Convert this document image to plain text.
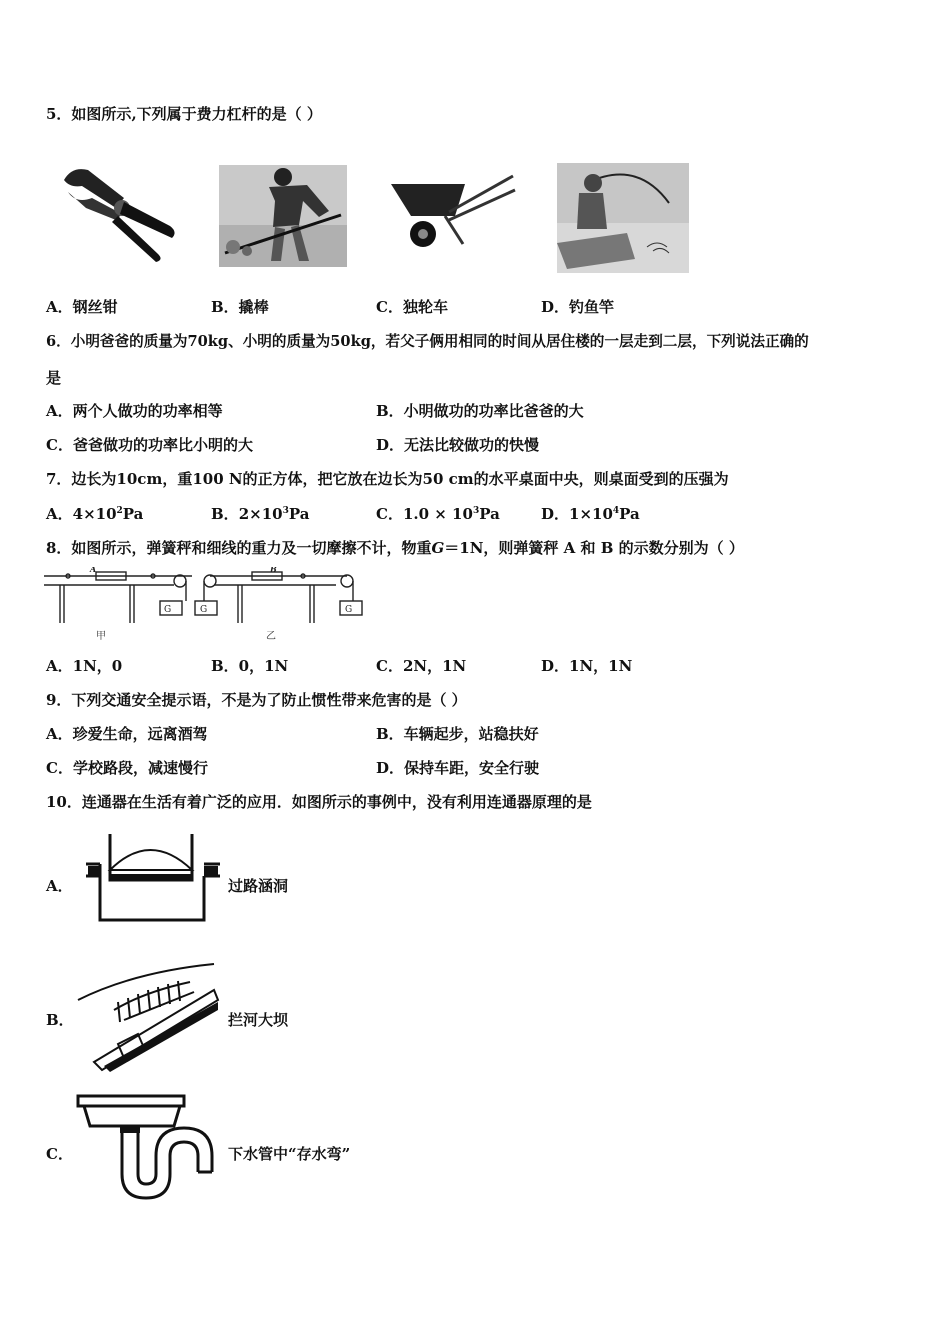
5．如图所示,下列属于费力杠杆的是（ ）
A．钢丝钳	B．撬棒	C．独轮车	D．钓鱼竿
6．小明爸爸的质量为70kg、小明的质量为50kg，若父子俩用相同的时间从居住楼的一层走到二层，下列说法正确的
是
A．两个人做功的功率相等	B．小明做功的功率比爸爸的大
C．爸爸做功的功率比小明的大	D．无法比较做功的快慢
7．边长为10cm，重100 N的正方体，把它放在边长为50 cm的水平桌面中央，则桌面受到的压强为
A．$4\times 10^2Pa$	B．$2\times 10^3Pa$	C．$1.0 \times 10^3Pa$	D．$1\times 10^4Pa$
8．如图所示，弹簧秤和细线的重力及一切摩擦不计，物重G＝1N，则弹簧秤 A 和 B 的示数分别为（ ）
A
G
甲
B
G	G
乙
A．1N，0	B．0，1N	C．2N，1N	D．1N，1N
9．下列交通安全提示语，不是为了防止惯性带来危害的是（ ）
A．珍爱生命，远离酒驾	B．车辆起步，站稳扶好
C．学校路段，减速慢行	D．保持车距，安全行驶
10．连通器在生活有着广泛的应用．如图所示的事例中，没有利用连通器原理的是
A．	过路涵洞
B．	拦河大坝
C．	下水管中“存水弯”
